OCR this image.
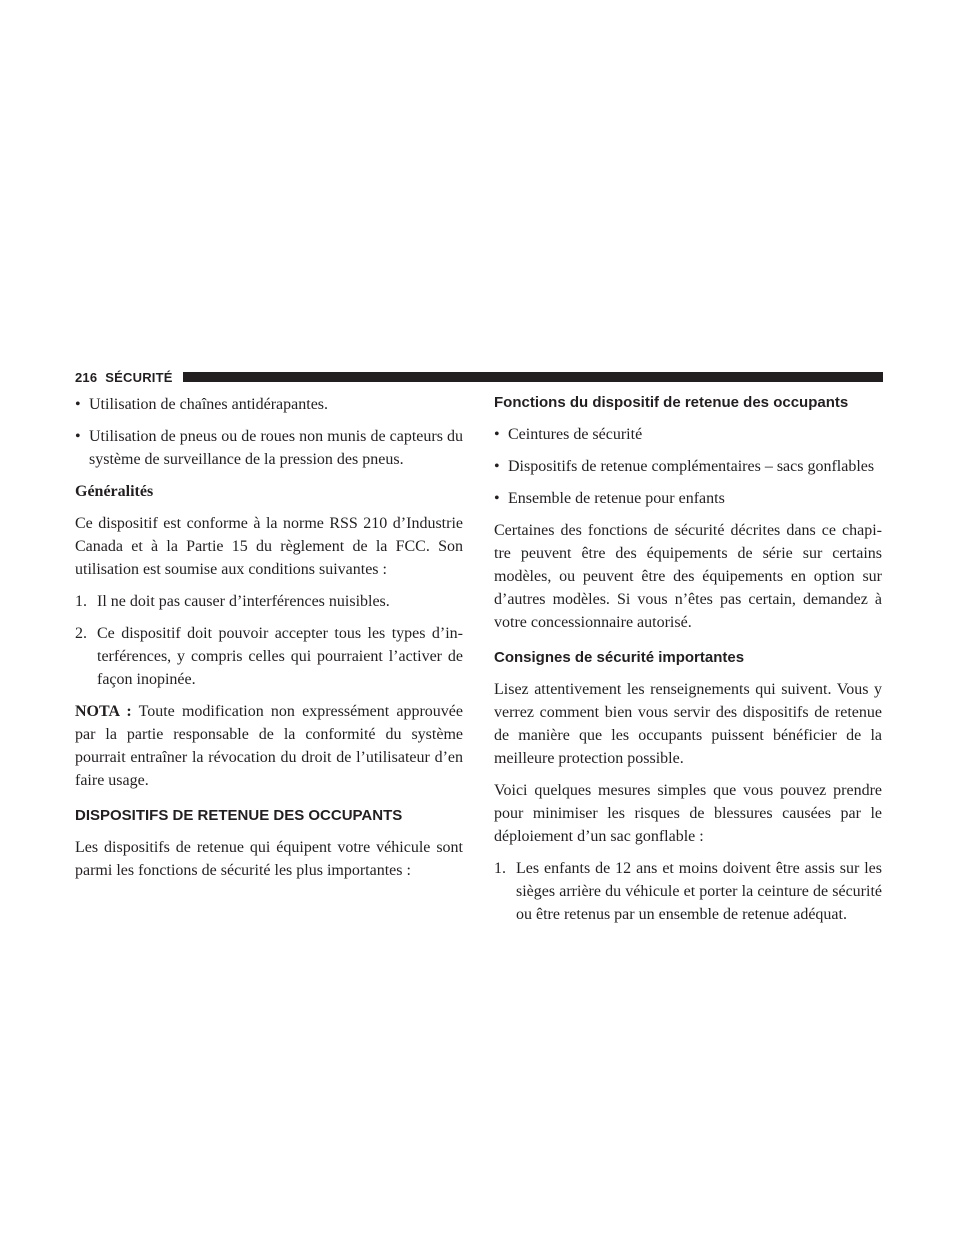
216 SÉCURITÉ
• Utilisation de chaînes antidérapantes.
• Utilisation de pneus ou de roues non munis de capteurs du système de surveillance de la pression des pneus.

Généralités

Ce dispositif est conforme à la norme RSS 210 d’Industrie Canada et à la Partie 15 du règlement de la FCC. Son utilisation est soumise aux conditions suivantes :

1. Il ne doit pas causer d’interférences nuisibles.
2. Ce dispositif doit pouvoir accepter tous les types d’in-terférences, y compris celles qui pourraient l’activer de façon inopinée.

NOTA : Toute modification non expressément approuvée par la partie responsable de la conformité du système pourrait entraîner la révocation du droit de l’utilisateur d’en faire usage.

DISPOSITIFS DE RETENUE DES OCCUPANTS

Les dispositifs de retenue qui équipent votre véhicule sont parmi les fonctions de sécurité les plus importantes :

Fonctions du dispositif de retenue des occupants
• Ceintures de sécurité
• Dispositifs de retenue complémentaires – sacs gonflables
• Ensemble de retenue pour enfants

Certaines des fonctions de sécurité décrites dans ce chapi-tre peuvent être des équipements de série sur certains modèles, ou peuvent être des équipements en option sur d’autres modèles. Si vous n’êtes pas certain, demandez à votre concessionnaire autorisé.

Consignes de sécurité importantes

Lisez attentivement les renseignements qui suivent. Vous y verrez comment bien vous servir des dispositifs de retenue de manière que les occupants puissent bénéficier de la meilleure protection possible.

Voici quelques mesures simples que vous pouvez prendre pour minimiser les risques de blessures causées par le déploiement d’un sac gonflable :

1. Les enfants de 12 ans et moins doivent être assis sur les sièges arrière du véhicule et porter la ceinture de sécurité ou être retenus par un ensemble de retenue adéquat.
